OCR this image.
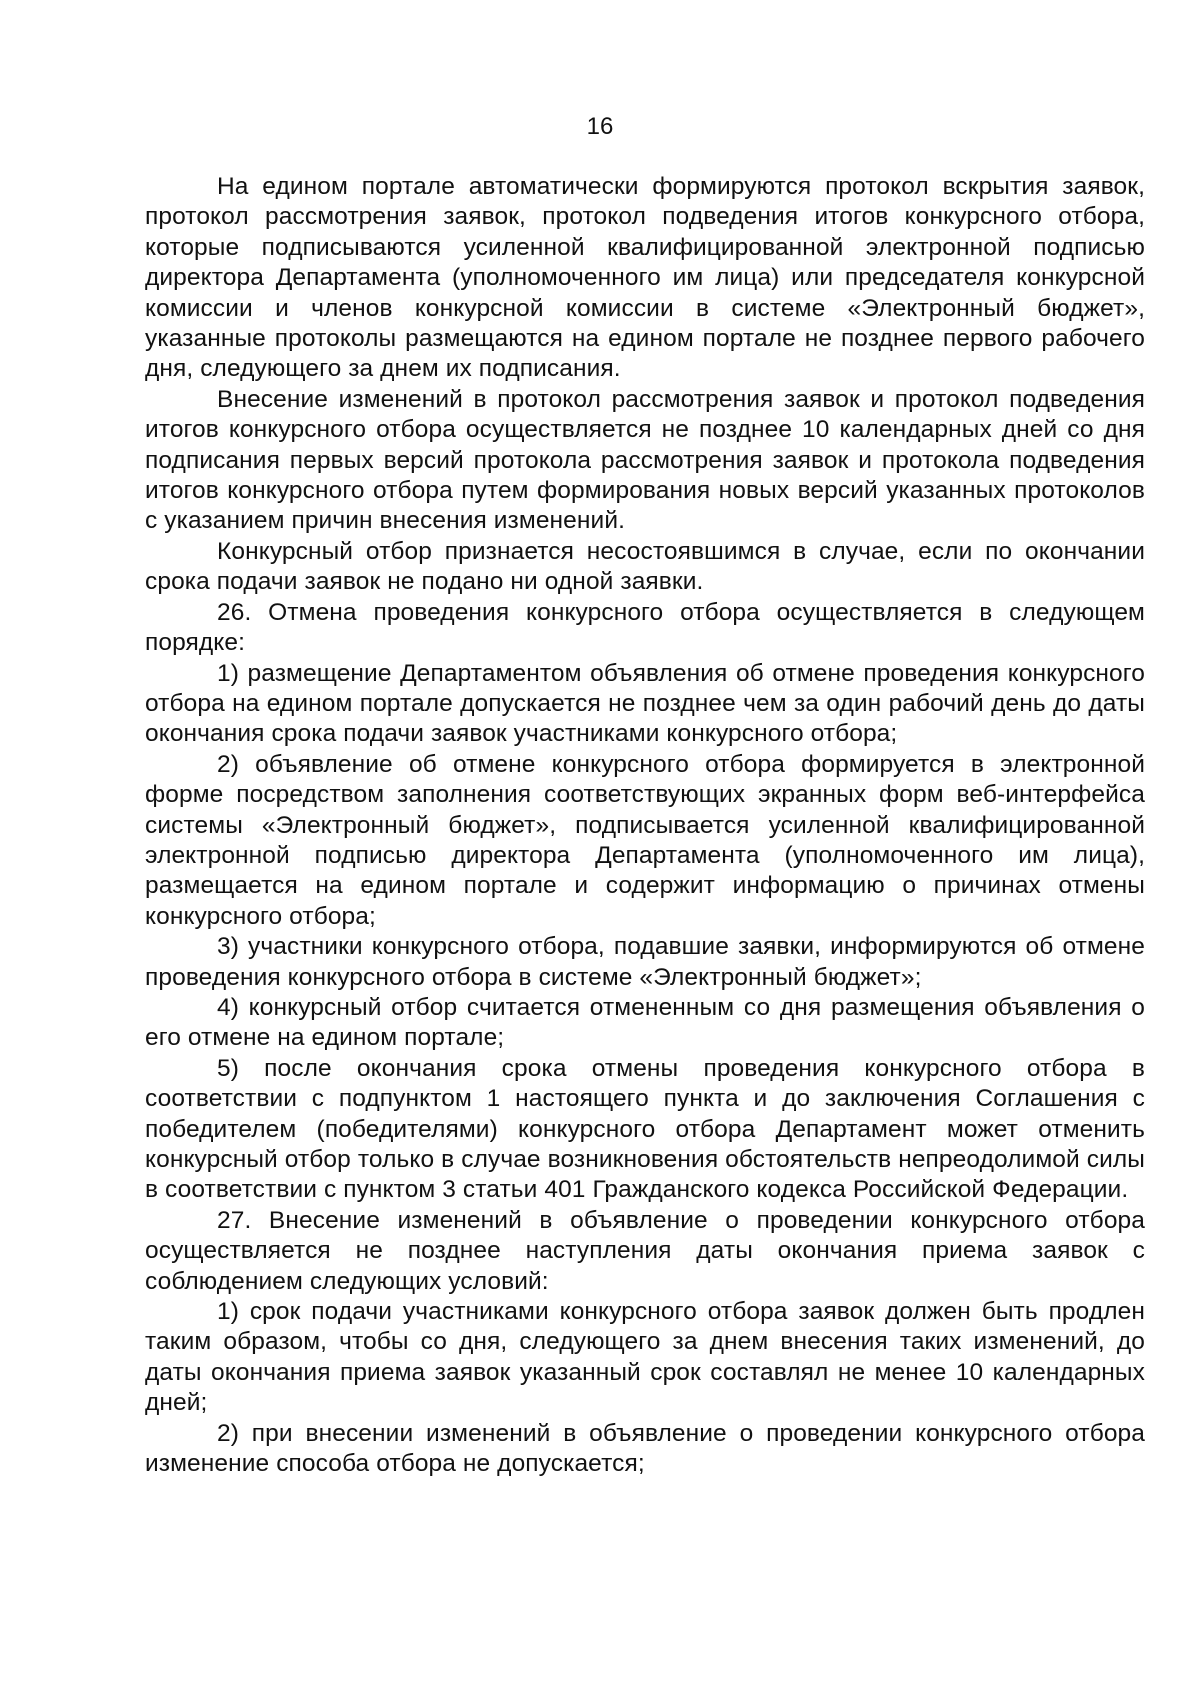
16

На едином портале автоматически формируются протокол вскрытия заявок, протокол рассмотрения заявок, протокол подведения итогов конкурсного отбора, которые подписываются усиленной квалифицированной электронной подписью директора Департамента (уполномоченного им лица) или председателя конкурсной комиссии и членов конкурсной комиссии в системе «Электронный бюджет», указанные протоколы размещаются на едином портале не позднее первого рабочего дня, следующего за днем их подписания.

Внесение изменений в протокол рассмотрения заявок и протокол подведения итогов конкурсного отбора осуществляется не позднее 10 календарных дней со дня подписания первых версий протокола рассмотрения заявок и протокола подведения итогов конкурсного отбора путем формирования новых версий указанных протоколов с указанием причин внесения изменений.

Конкурсный отбор признается несостоявшимся в случае, если по окончании срока подачи заявок не подано ни одной заявки.

26. Отмена проведения конкурсного отбора осуществляется в следующем порядке:

1) размещение Департаментом объявления об отмене проведения конкурсного отбора на едином портале допускается не позднее чем за один рабочий день до даты окончания срока подачи заявок участниками конкурсного отбора;

2) объявление об отмене конкурсного отбора формируется в электронной форме посредством заполнения соответствующих экранных форм веб-интерфейса системы «Электронный бюджет», подписывается усиленной квалифицированной электронной подписью директора Департамента (уполномоченного им лица), размещается на едином портале и содержит информацию о причинах отмены конкурсного отбора;

3) участники конкурсного отбора, подавшие заявки, информируются об отмене проведения конкурсного отбора в системе «Электронный бюджет»;

4) конкурсный отбор считается отмененным со дня размещения объявления о его отмене на едином портале;

5) после окончания срока отмены проведения конкурсного отбора в соответствии с подпунктом 1 настоящего пункта и до заключения Соглашения с победителем (победителями) конкурсного отбора Департамент может отменить конкурсный отбор только в случае возникновения обстоятельств непреодолимой силы в соответствии с пунктом 3 статьи 401 Гражданского кодекса Российской Федерации.

27. Внесение изменений в объявление о проведении конкурсного отбора осуществляется не позднее наступления даты окончания приема заявок с соблюдением следующих условий:

1) срок подачи участниками конкурсного отбора заявок должен быть продлен таким образом, чтобы со дня, следующего за днем внесения таких изменений, до даты окончания приема заявок указанный срок составлял не менее 10 календарных дней;

2) при внесении изменений в объявление о проведении конкурсного отбора изменение способа отбора не допускается;
